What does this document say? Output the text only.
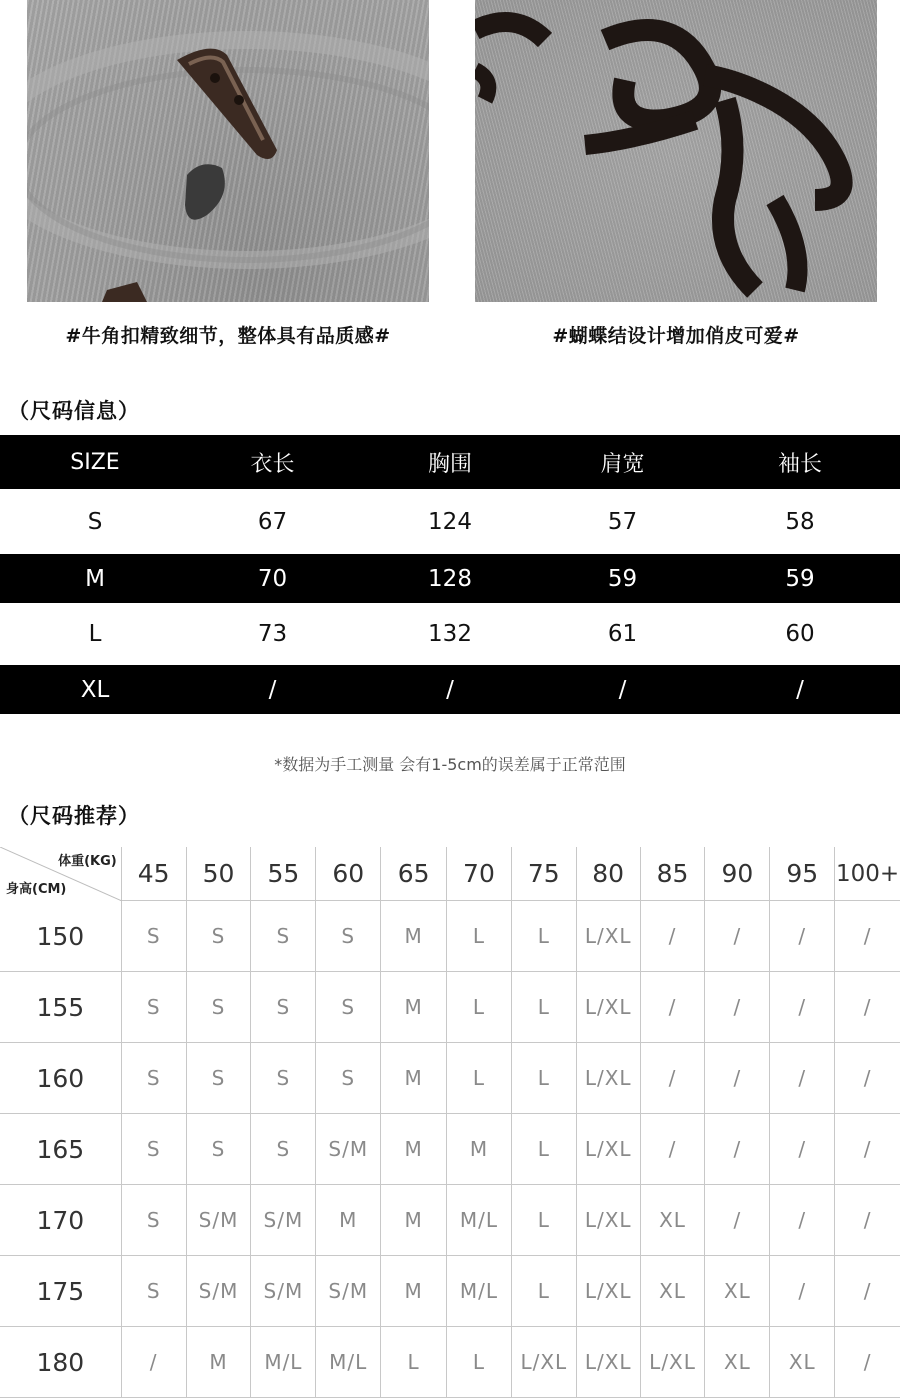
#牛角扣精致细节，整体具有品质感#	#蝴蝶结设计增加俏皮可爱#
（尺码信息）
SIZE	衣长	胸围	肩宽	袖长
S	67	124	57	58
M	70	128	59	59
L	73	132	61	60
XL	/	/	/	/
*数据为手工测量 会有1-5cm的误差属于正常范围
（尺码推荐）
体重(KG)
身高(CM)
45	50	55	60	65	70	75	80	85	90	95 100+
150	S	S	S	S	M	L	L	L/XL	/	/	/	/
155	S	S	S	S	M	L	L	L/XL	/	/	/	/
160	S	S	S	S	M	L	L	L/XL	/	/	/	/
165	S	S	S	S/M	M	M	L	L/XL	/	/	/	/
170	S	S/M	S/M	M	M	M/L	L	L/XL	XL	/	/	/
175	S	S/M	S/M	S/M	M	M/L	L	L/XL	XL	XL	/	/
180	/	M	M/L	M/L	L	L	L/XL L/XL L/XL	XL	XL	/
